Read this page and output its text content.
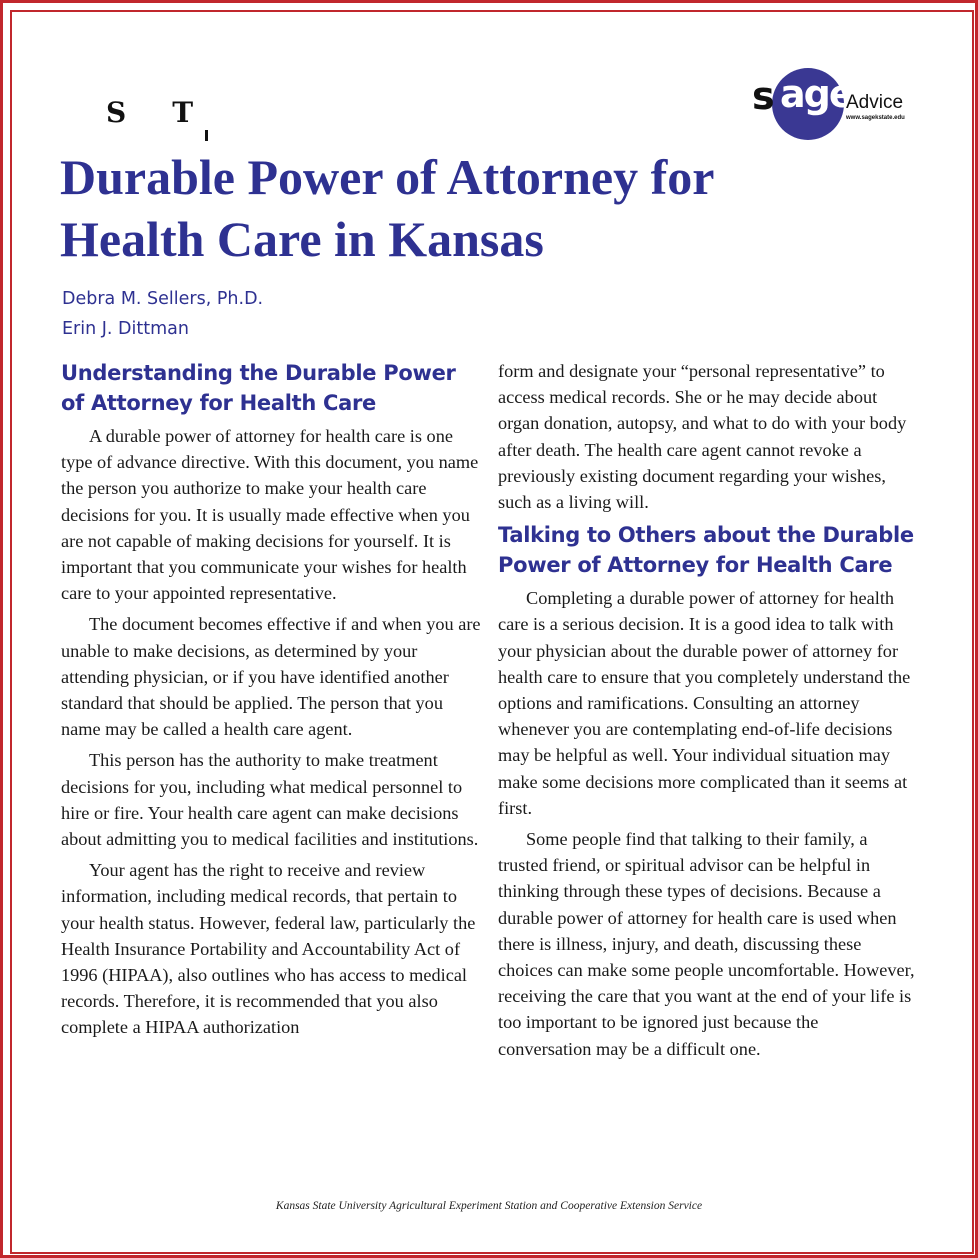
ST	s age
Advice
www.sagekstate.edu
Durable Power of Attorney for Health Care in Kansas
Debra M. Sellers, Ph.D.
Erin J. Dittman
Understanding the Durable Power of Attorney for Health Care

A durable power of attorney for health care is one type of advance directive. With this document, you name the person you authorize to make your health care decisions for you. It is usually made effective when you are not capable of making decisions for yourself. It is important that you communicate your wishes for health care to your appointed representative.

The document becomes effective if and when you are unable to make decisions, as determined by your attending physician, or if you have identified another standard that should be applied. The person that you name may be called a health care agent.

This person has the authority to make treatment decisions for you, including what medical personnel to hire or fire. Your health care agent can make decisions about admitting you to medical facilities and institutions.

Your agent has the right to receive and review information, including medical records, that pertain to your health status. However, federal law, particularly the Health Insurance Portability and Accountability Act of 1996 (HIPAA), also outlines who has access to medical records. Therefore, it is recommended that you also complete a HIPAA authorization

form and designate your “personal representative” to access medical records. She or he may decide about organ donation, autopsy, and what to do with your body after death. The health care agent cannot revoke a previously existing document regarding your wishes, such as a living will.

Talking to Others about the Durable Power of Attorney for Health Care

Completing a durable power of attorney for health care is a serious decision. It is a good idea to talk with your physician about the durable power of attorney for health care to ensure that you completely understand the options and ramifications. Consulting an attorney whenever you are contemplating end-of-life decisions may be helpful as well. Your individual situation may make some decisions more complicated than it seems at first.

Some people find that talking to their family, a trusted friend, or spiritual advisor can be helpful in thinking through these types of decisions. Because a durable power of attorney for health care is used when there is illness, injury, and death, discussing these choices can make some people uncomfortable. However, receiving the care that you want at the end of your life is too important to be ignored just because the conversation may be a difficult one.

Kansas State University Agricultural Experiment Station and Cooperative Extension Service
